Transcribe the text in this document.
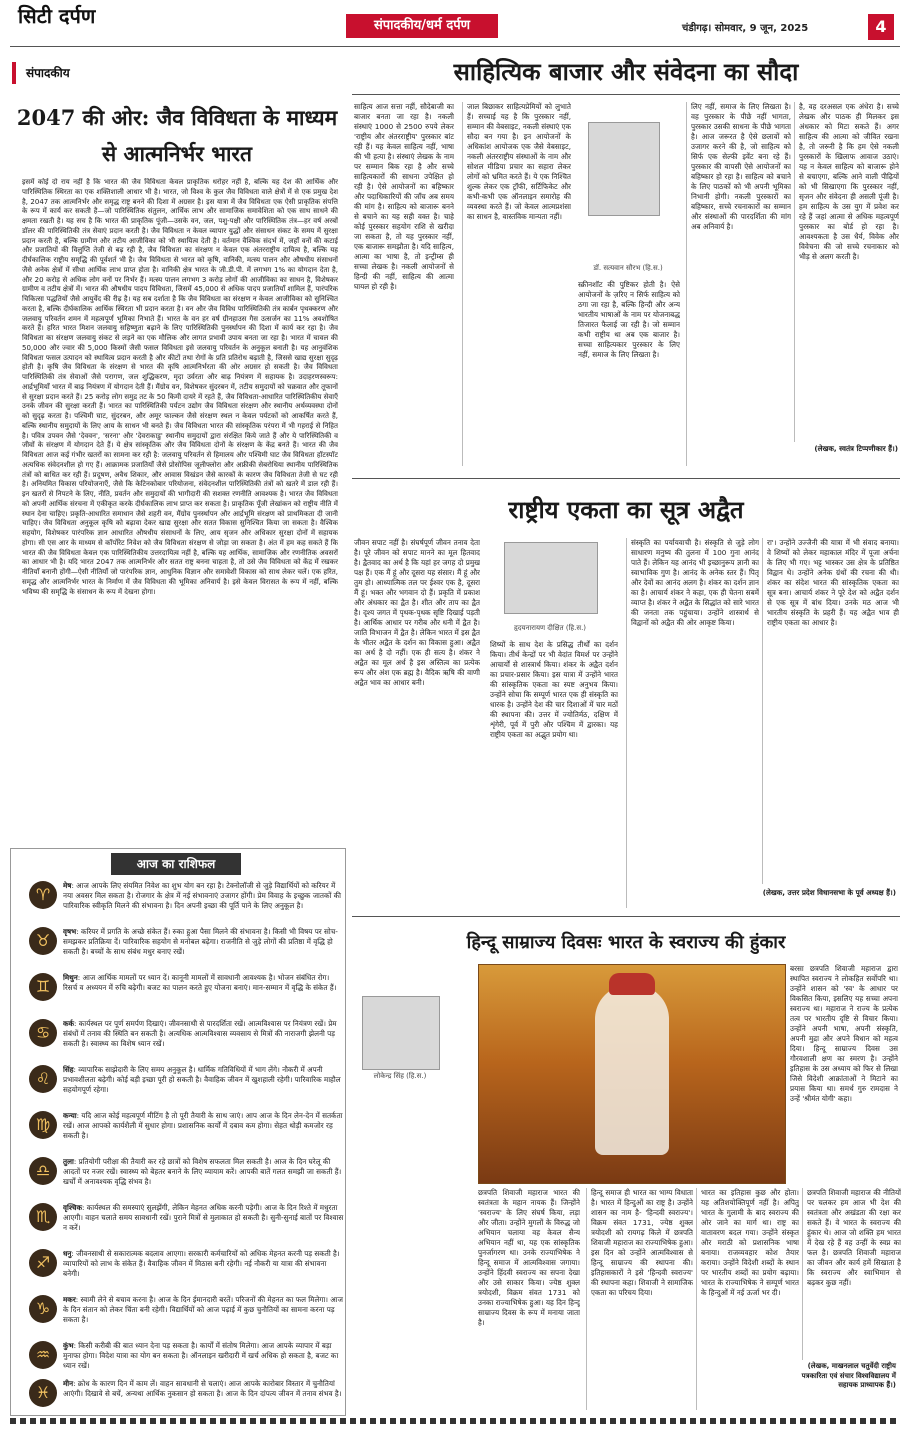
सिटी दर्पण	संपादकीय/धर्म दर्पण	चंडीगढ़। सोमवार, 9 जून, 2025	4
संपादकीय
2047 की ओर: जैव विविधता के माध्यम से आत्मनिर्भर भारत

इसमें कोई दो राय नहीं है कि भारत की जैव विविधता केवल प्राकृतिक धरोहर नहीं है, बल्कि यह देश की आर्थिक और पारिस्थितिक स्थिरता का एक शक्तिशाली आधार भी है। भारत, जो विश्व के कुल जैव विविधता वाले क्षेत्रों में से एक प्रमुख देश है, 2047 तक आत्मनिर्भर और समृद्ध राष्ट्र बनने की दिशा में अग्रसर है। इस यात्रा में जैव विविधता एक ऐसी प्राकृतिक संपत्ति के रूप में कार्य कर सकती है—जो पारिस्थितिक संतुलन, आर्थिक लाभ और सामाजिक समावेशिता को एक साथ साधने की क्षमता रखती है। यह सच है कि भारत की प्राकृतिक पूंजी—उसके वन, जल, पशु-पक्षी और पारिस्थितिक तंत्र—हर वर्ष अरबों डॉलर की पारिस्थितिकी तंत्र सेवाएं प्रदान करती है। जैव विविधता न केवल व्यापार युद्धों और संसाधन संकट के समय में सुरक्षा प्रदान करती है, बल्कि ग्रामीण और तटीय आजीविका को भी स्थायित्व देती है। वर्तमान वैश्विक संदर्भ में, जहाँ वनों की कटाई और प्रजातियों की विलुप्ति तेजी से बढ़ रही है, जैव विविधता का संरक्षण न केवल एक अंतरराष्ट्रीय दायित्व है, बल्कि यह दीर्घकालिक राष्ट्रीय समृद्धि की पूर्वशर्त भी है। जैव विविधता से भारत को कृषि, वानिकी, मत्स्य पालन और औषधीय संसाधनों जैसे अनेक क्षेत्रों में सीधा आर्थिक लाभ प्राप्त होता है। वानिकी क्षेत्र भारत के जी.डी.पी. में लगभग 1% का योगदान देता है, और 20 करोड़ से अधिक लोग वनों पर निर्भर हैं। मत्स्य पालन लगभग 3 करोड़ लोगों की आजीविका का साधन है, विशेषकर ग्रामीण व तटीय क्षेत्रों में। भारत की औषधीय पादप विविधता, जिसमें 45,000 से अधिक पादप प्रजातियाँ शामिल हैं, पारंपरिक चिकित्सा पद्धतियों जैसे आयुर्वेद की रीढ़ है। यह सब दर्शाता है कि जैव विविधता का संरक्षण न केवल आजीविका को सुनिश्चित करता है, बल्कि दीर्घकालिक आर्थिक स्थिरता भी प्रदान करता है। वन और जैव विविध पारिस्थितिकी तंत्र कार्बन पृथक्करण और जलवायु परिवर्तन शमन में महत्वपूर्ण भूमिका निभाते हैं। भारत के वन हर वर्ष ग्रीनहाउस गैस उत्सर्जन का 11% अवशोषित करते हैं। हरित भारत मिशन जलवायु सहिष्णुता बढ़ाने के लिए पारिस्थितिकी पुनर्स्थापन की दिशा में कार्य कर रहा है। जैव विविधता का संरक्षण जलवायु संकट से लड़ने का एक मौलिक और लागत प्रभावी उपाय बनता जा रहा है। भारत में चावल की 50,000 और ज्वार की 5,000 किस्मों जैसी फसल विविधता इसे जलवायु परिवर्तन के अनुकूल बनाती है। यह आनुवंशिक विविधता फसल उत्पादन को स्थायित्व प्रदान करती है और कीटों तथा रोगों के प्रति प्रतिरोध बढ़ाती है, जिससे खाद्य सुरक्षा सुदृढ़ होती है। कृषि जैव विविधता के संरक्षण से भारत की कृषि आत्मनिर्भरता की ओर अग्रसर हो सकती है। जैव विविधता पारिस्थितिकी तंत्र सेवाओं जैसे परागण, जल शुद्धिकरण, मृदा उर्वरता और बाढ़ नियंत्रण में सहायक है। उदाहरणस्वरूप: आर्द्रभूमियाँ भारत में बाढ़ नियंत्रण में योगदान देती हैं। मैंग्रोव वन, विशेषकर सुंदरबन में, तटीय समुदायों को चक्रवात और तूफानों से सुरक्षा प्रदान करते हैं। 25 करोड़ लोग समुद्र तट के 50 किमी दायरे में रहते हैं, जैव विविधता-आधारित पारिस्थितिकीय सेवाएँ उनके जीवन की सुरक्षा करती हैं। भारत का पारिस्थितिकी पर्यटन उद्योग जैव विविधता संरक्षण और स्थानीय अर्थव्यवस्था दोनों को सुदृढ़ करता है। पश्चिमी घाट, सुंदरबन, और अमूर फाल्कन जैसे संरक्षण स्थल न केवल पर्यटकों को आकर्षित करते हैं, बल्कि स्थानीय समुदायों के लिए आय के साधन भी बनते हैं। जैव विविधता भारत की सांस्कृतिक परंपरा में भी गहराई से निहित है। पवित्र उपवन जैसे 'देववन', 'सरना' और 'देवराकाडु' स्थानीय समुदायों द्वारा संरक्षित किये जाते हैं और ये पारिस्थितिकी व जीवों के संरक्षण में योगदान देते हैं। ये क्षेत्र सांस्कृतिक और जैव विविधता दोनों के संरक्षण के केंद्र बनते हैं। भारत की जैव विविधता आज कई गंभीर खतरों का सामना कर रही है: जलवायु परिवर्तन से हिमालय और पश्चिमी घाट जैव विविधता हॉटस्पॉट अत्यधिक संवेदनशील हो गए हैं। आक्रामक प्रजातियाँ जैसे प्रोसोपिस जूलीफ्लोरा और अफ्रीकी सेबरोधिया स्थानीय पारिस्थितिक तंत्रों को बाधित कर रही हैं। प्रदूषण, अवैध शिकार, और आवास विखंडन जैसे कारकों के कारण जैव विविधता तेजी से घट रही है। अनियमित विकास परियोजनाएँ, जैसे कि केटिनकोबार परियोजना, संवेदनशील पारिस्थितिकी तंत्रों को खतरे में डाल रही हैं। इन खतरों से निपटने के लिए, नीति, प्रवर्तन और समुदायों की भागीदारी की सशक्त रणनीति आवश्यक है। भारत जैव विविधता को अपनी आर्थिक संरचना में एकीकृत करके दीर्घकालिक लाभ प्राप्त कर सकता है। प्राकृतिक पूँजी लेखांकन को राष्ट्रीय नीति में स्थान देना चाहिए। प्रकृति-आधारित समाधान जैसे शहरी वन, मैंग्रोव पुनर्स्थापन और आर्द्रभूमि संरक्षण को प्राथमिकता दी जानी चाहिए। जैव विविधता अनुकूल कृषि को बढ़ावा देकर खाद्य सुरक्षा और सतत विकास सुनिश्चित किया जा सकता है। वैश्विक सहयोग, विशेषकर पारंपरिक ज्ञान आधारित औषधीय संसाधनों के लिए, आय सृजन और अधिकार सुरक्षा दोनों में सहायक होगा। सी एस आर के माध्यम से कॉर्पोरेट निवेश को जैव विविधता संरक्षण से जोड़ा जा सकता है। अंत में हम कह सकते हैं कि भारत की जैव विविधता केवल एक पारिस्थितिकीय उत्तरदायित्व नहीं है, बल्कि यह आर्थिक, सामाजिक और रणनीतिक अवसरों का आधार भी है। यदि भारत 2047 तक आत्मनिर्भर और सतत राष्ट्र बनना चाहता है, तो उसे जैव विविधता को केंद्र में रखकर नीतियाँ बनानी होंगी—ऐसी नीतियाँ जो पारंपरिक ज्ञान, आधुनिक विज्ञान और समावेशी विकास को साथ लेकर चलें। एक हरित, समृद्ध और आत्मनिर्भर भारत के निर्माण में जैव विविधता की भूमिका अनिवार्य है। इसे केवल विरासत के रूप में नहीं, बल्कि भविष्य की समृद्धि के संसाधन के रूप में देखना होगा।

आज का राशिफल
♈	मेष: आज आपके लिए संयमित निवेश का शुभ योग बन रहा है। टेक्नोलॉजी से जुड़े विद्यार्थियों को करियर में नया अवसर मिल सकता है। रोजगार के क्षेत्र में नई संभावनाएं उजागर होंगी। प्रेम विवाह के इच्छुक जातकों की पारिवारिक स्वीकृति मिलने की संभावना है। दिन अपनी इच्छा की पूर्ति पाने के लिए अनुकूल है।
♉	वृषभ: करियर में प्रगति के अच्छे संकेत हैं। रुका हुआ पैसा मिलने की संभावना है। किसी भी विषय पर सोच-समझकर प्रतिक्रिया दें। पारिवारिक सहयोग से मनोबल बढ़ेगा। राजनीति से जुड़े लोगों की प्रतिष्ठा में वृद्धि हो सकती है। बच्चों के साथ संबंध मधुर बनाए रखें।
♊	मिथुन: आज आर्थिक मामलों पर ध्यान दें। कानूनी मामलों में सावधानी आवश्यक है। भोजन संबंधित रोग। रिसर्च व अध्ययन में रुचि बढ़ेगी। बजट का पालन करते हुए योजना बनाएं। मान-सम्मान में वृद्धि के संकेत हैं।
♋	कर्क: कार्यस्थल पर पूर्ण समर्पण दिखाएं। जीवनसाथी से पारदर्शिता रखें। आत्मविश्वास पर नियंत्रण रखें। प्रेम संबंधों में तनाव की स्थिति बन सकती है। अत्यधिक आत्मविश्वास व्यवसाय से मित्रों की नाराजगी झेलनी पड़ सकती है। स्वास्थ्य का विशेष ध्यान रखें।
♌	सिंह: व्यापारिक साझेदारी के लिए समय अनुकूल है। धार्मिक गतिविधियों में भाग लेंगे। नौकरी में अपनी प्रभावशीलता बढ़ेगी। कोई बड़ी इच्छा पूरी हो सकती है। वैवाहिक जीवन में खुशहाली रहेगी। पारिवारिक माहौल सहयोगपूर्ण रहेगा।
♍	कन्या: यदि आज कोई महत्वपूर्ण मीटिंग है तो पूरी तैयारी के साथ जाएं। आप आज के दिन लेन-देन में सतर्कता रखें। आज आपको कार्यशैली में सुधार होगा। प्रशासनिक कार्यों में दबाव कम होगा। सेहत थोड़ी कमजोर रह सकती है।
♎	तुला: प्रतियोगी परीक्षा की तैयारी कर रहे छात्रों को विशेष सफलता मिल सकती है। आज के दिन घरेलू की आदतों पर नजर रखें। स्वास्थ्य को बेहतर बनाने के लिए व्यायाम करें। आपकी बातें गलत समझी जा सकती हैं। खर्चों में अनावश्यक वृद्धि संभव है।
♏	वृश्चिक: कार्यस्थल की समस्याएं सुलझेंगी, लेकिन मेहनत अधिक करनी पड़ेगी। आज के दिन रिश्ते में मधुरता आएगी। वाहन चलाते समय सावधानी रखें। पुराने मित्रों से मुलाकात हो सकती है। सुनी-सुनाई बातों पर विश्वास न करें।
♐	धनु: जीवनसाथी से सकारात्मक बदलाव आएगा। सरकारी कर्मचारियों को अधिक मेहनत करनी पड़ सकती है। व्यापारियों को लाभ के संकेत हैं। वैवाहिक जीवन में मिठास बनी रहेगी। नई नौकरी या यात्रा की संभावना बनेगी।
♑	मकर: स्वामी लेने से बचाव करना है। आज के दिन ईमानदारी बरतें। परिजनों की मेहनत का फल मिलेगा। आज के दिन संतान को लेकर चिंता बनी रहेगी। विद्यार्थियों को आज पढ़ाई में कुछ चुनौतियों का सामना करना पड़ सकता है।
♒	कुंभ: किसी करीबी की बात ध्यान देना पड़ सकता है। कार्यों में संतोष मिलेगा। आज आपके व्यापार में बड़ा मुनाफा होगा। विदेश यात्रा का योग बन सकता है। ऑनलाइन खरीदारी में खर्च अधिक हो सकता है, बजट का ध्यान रखें।
♓	मीन: क्रोध के कारण दिन में काम लें। वाहन सावधानी से चलाएं। आज आपके कारोबार विस्तार में चुनौतियां आएंगी। दिखावे से बचें, अन्यथा आर्थिक नुकसान हो सकता है। आज के दिन दांपत्य जीवन में तनाव संभव है।
साहित्यिक बाजार और संवेदना का सौदा

साहित्य आज सत्ता नहीं, सौदेबाजी का बाजार बनता जा रहा है। नकली संस्थाएं 1000 से 2500 रुपये लेकर 'राष्ट्रीय और अंतरराष्ट्रीय' पुरस्कार बांट रही हैं। यह केवल साहित्य नहीं, भाषा की भी हत्या है। संस्थाएं लेखक के नाम पर सम्मान बिक रहा है और सच्चे साहित्यकारों की साधना उपेक्षित हो रही है। ऐसे आयोजनों का बहिष्कार और पदाधिकारियों की जाँच अब समय की मांग है। साहित्य को बाजारू बनने से बचाने का यह सही वक्त है। चाहे कोई पुरस्कार सहयोग राशि से खरीदा जा सकता है, तो यह पुरस्कार नहीं, एक बाजारू समझौता है। यदि साहित्य, आत्मा का भाषा है, तो इन्ट्रीम्स ही सच्चा लेखक है। नकली आयोजनों से हिन्दी की नहीं, साहित्य की आत्मा घायल हो रही है।

जाल बिछाकर साहित्यप्रेमियों को लुभाते हैं। सच्चाई यह है कि पुरस्कार नहीं, सम्मान की वेबसाइट, नकली संस्थाएं एक सौदा बन गया है। इन आयोजनों के अधिकांश आयोजक एक जैसे वेबसाइट, नकली अंतरराष्ट्रीय संस्थाओं के नाम और सोशल मीडिया प्रचार का सहारा लेकर लोगों को भ्रमित करते हैं। ये एक निश्चित शुल्क लेकर एक ट्रॉफी, सर्टिफिकेट और कभी-कभी एक ऑनलाइन समारोह की व्यवस्था करते हैं। जो केवल आत्मप्रशंसा का साधन है, वास्तविक मान्यता नहीं।

डॉ. सत्यवान सौरभ (हि.स.)

स्क्रीनशॉट की पुष्टिकर होती है। ऐसे आयोजनों के ज़रिए न सिर्फ साहित्य को ठगा जा रहा है, बल्कि हिन्दी और अन्य भारतीय भाषाओं के नाम पर योजनाबद्ध तिजारत फैलाई जा रही है। जो सम्मान कभी राष्ट्रीय था अब एक बाजार है। सच्चा साहित्यकार पुरस्कार के लिए नहीं, समाज के लिए लिखता है।

लिए नहीं, समाज के लिए लिखता है। वह पुरस्कार के पीछे नहीं भागता, पुरस्कार उसकी साधना के पीछे भागता है। आज जरूरत है ऐसे छलावों को उजागर करने की है, जो साहित्य को सिर्फ एक सेल्फी इवेंट बना रहे हैं। पुरस्कार की वापसी ऐसे आयोजनों का बहिष्कार हो रहा है। साहित्य को बचाने के लिए पाठकों को भी अपनी भूमिका निभानी होगी। नकली पुरस्कारों का बहिष्कार, सच्चे रचनाकारों का सम्मान और संस्थाओं की पारदर्शिता की मांग अब अनिवार्य है।

है, वह दरअसल एक अंधेरा है। सच्चे लेखक और पाठक ही मिलकर इस अंधकार को मिटा सकते हैं। अगर साहित्य की आत्मा को जीवित रखना है, तो जरूरी है कि हम ऐसे नकली पुरस्कारों के खिलाफ आवाज उठाएं। यह न केवल साहित्य को बाजारू होने से बचाएगा, बल्कि आने वाली पीढ़ियों को भी सिखाएगा कि पुरस्कार नहीं, सृजन और संवेदना ही असली पूंजी है। हम साहित्य के उस युग में प्रवेश कर रहे हैं जहां आत्मा से अधिक महत्वपूर्ण पुरस्कार का बोर्ड हो रहा है। आवश्यकता है उस धैर्य, विवेक और विवेचना की जो सच्चे रचनाकार को भीड़ से अलग करती है।

(लेखक, स्वतंत्र टिप्पणीकार हैं।)
राष्ट्रीय एकता का सूत्र अद्वैत

जीवन सपाट नहीं है। संघर्षपूर्ण जीवन तनाव देता है। पूरे जीवन को सपाट मानने का मूल हितवाद है। द्वैतवाद का अर्थ है कि यहां हर जगह दो प्रमुख पक्ष हैं। एक मैं हूं और दूसरा यह संसार। मैं हूं और तुम हो। आध्यात्मिक तल पर ईश्वर एक है, दूसरा मैं हूं। भक्त और भगवान दो हैं। प्रकृति में प्रकाश और अंधकार का द्वैत है। शीत और ताप का द्वैत है। दृश्य जगत में पृथक-पृथक सृष्टि दिखाई पड़ती है। आर्थिक आधार पर गरीब और धनी में द्वैत है। जाति विभाजन में द्वैत है। लेकिन भारत में इस द्वैत के भीतर अद्वैत के दर्शन का विकास हुआ। अद्वैत का अर्थ है दो नहीं। एक ही सत्य है। शंकर ने अद्वैत का मूल अर्थ है इस अस्तित्व का प्रत्येक रूप और अंश एक ब्रह्म है। वैदिक ऋषि की वाणी अद्वैत भाव का आधार बनी।

हृदयनारायण दीक्षित (हि.स.)

शिष्यों के साथ देश के प्रसिद्ध तीर्थों का दर्शन किया। तीर्थ केन्द्रों पर भी वेदांत विमर्श पर उन्होंने आचार्यों से शास्त्रार्थ किया। शंकर के अद्वैत दर्शन का प्रचार-प्रसार किया। इस यात्रा में उन्होंने भारत की सांस्कृतिक एकता का स्पष्ट अनुभव किया। उन्होंने सोचा कि सम्पूर्ण भारत एक ही संस्कृति का धारक है। उन्होंने देश की चार दिशाओं में चार मठों की स्थापना की। उत्तर में ज्योतिर्मठ, दक्षिण में शृंगेरी, पूर्व में पुरी और पश्चिम में द्वारका। यह राष्ट्रीय एकता का अद्भुत प्रयोग था।

संस्कृति का पर्यायवाची है। संस्कृति से जुड़े लोग साधारण मनुष्य की तुलना में 100 गुना आनंद पाते हैं। लेकिन यह आनंद भी इच्छानुरूप ज्ञानी का स्वाभाविक गुण है। आनंद के अनेक स्तर हैं। पितृ और देवों का आनंद अलग है। शंकर का दर्शन ज्ञान का है। आचार्य शंकर ने कहा, एक ही चेतना सबमें व्याप्त है। शंकर ने अद्वैत के सिद्धांत को सारे भारत की जनता तक पहुंचाया। उन्होंने शास्त्रार्थ से विद्वानों को अद्वैत की ओर आकृष्ट किया।

रा'। उन्होंने उज्जैनी की यात्रा में भी संवाद बनाया। वे शिष्यों को लेकर महाकाल मंदिर में पूजा अर्चना के लिए भी गए। भट्ट भास्कर उस क्षेत्र के प्रतिष्ठित विद्वान थे। उन्होंने अनेक ग्रंथों की रचना की थी। शंकर का संदेश भारत की सांस्कृतिक एकता का सूत्र बना। आचार्य शंकर ने पूरे देश को अद्वैत दर्शन से एक सूत्र में बांध दिया। उनके मठ आज भी भारतीय संस्कृति के प्रहरी हैं। यह अद्वैत भाव ही राष्ट्रीय एकता का आधार है।

(लेखक, उत्तर प्रदेश विधानसभा के पूर्व अध्यक्ष हैं।)
हिन्दू साम्राज्य दिवसः भारत के स्वराज्य की हुंकार
लोकेन्द्र सिंह (हि.स.)

बरसा छत्रपति शिवाजी महाराज द्वारा स्थापित स्वराज्य ने लोकहित सर्वोपरि था। उन्होंने शासन को 'स्व' के आधार पर विकसित किया, इसलिए यह सच्चा अपना स्वराज्य था। महाराज ने राज्य के प्रत्येक तत्व पर भारतीय दृष्टि से विचार किया। उन्होंने अपनी भाषा, अपनी संस्कृति, अपनी मुद्रा और अपने विधान को महत्व दिया। हिन्दू साम्राज्य दिवस उस गौरवशाली क्षण का स्मरण है। उन्होंने इतिहास के उस अध्याय को फिर से लिखा जिसे विदेशी आक्रांताओं ने मिटाने का प्रयास किया था। समर्थ गुरु रामदास ने उन्हें 'श्रीमंत योगी' कहा।

छत्रपति शिवाजी महाराज भारत की स्वतंत्रता के महान नायक हैं। जिन्होंने 'स्वराज्य' के लिए संघर्ष किया, लड़ा और जीता। उन्होंने मुगलों के विरुद्ध जो अभियान चलाया वह केवल सैन्य अभियान नहीं था, यह एक सांस्कृतिक पुनर्जागरण था। उनके राज्याभिषेक ने हिन्दू समाज में आत्मविश्वास जगाया। उन्होंने हिंदवी स्वराज्य का सपना देखा और उसे साकार किया। ज्येष्ठ शुक्ल त्रयोदशी, विक्रम संवत 1731 को उनका राज्याभिषेक हुआ। यह दिन हिन्दू साम्राज्य दिवस के रूप में मनाया जाता है।

हिन्दू समाज ही भारत का भाग्य विधाता है। भारत में हिन्दुओं का राष्ट्र है। उन्होंने शासन का नाम है- 'हिन्दवी स्वराज्य'। विक्रम संवत 1731, ज्येष्ठ शुक्ल त्रयोदशी को रायगढ़ किले में छत्रपति शिवाजी महाराज का राज्याभिषेक हुआ। इस दिन को उन्होंने आत्मविश्वास से हिन्दू साम्राज्य की स्थापना की। इतिहासकारों ने इसे 'हिन्दवी स्वराज्य' की स्थापना कहा। शिवाजी ने सामाजिक एकता का परिचय दिया।

भारत का इतिहास कुछ और होता। यह अतिशयोक्तिपूर्ण नहीं है। अपितु भारत के गुलामी के बाद स्वराज्य की ओर जाने का मार्ग था। राष्ट्र का वातावरण बदल गया। उन्होंने संस्कृत और मराठी को प्रशासनिक भाषा बनाया। राजव्यवहार कोश तैयार कराया। उन्होंने विदेशी शब्दों के स्थान पर भारतीय शब्दों का प्रयोग बढ़ाया। भारत के राज्याभिषेक ने सम्पूर्ण भारत के हिन्दुओं में नई ऊर्जा भर दी।

छत्रपति शिवाजी महाराज की नीतियों पर चलकर हम आज भी देश की स्वतंत्रता और अखंडता की रक्षा कर सकते हैं। वे भारत के स्वराज्य की हुंकार थे। आज जो शक्ति हम भारत में देख रहे हैं वह उन्हीं के स्वप्न का फल है। छत्रपति शिवाजी महाराज का जीवन और कार्य हमें सिखाता है कि स्वराज्य और स्वाभिमान से बढ़कर कुछ नहीं।

(लेखक, माखनलाल चतुर्वेदी राष्ट्रीय पत्रकारिता एवं संचार विश्वविद्यालय में सहायक प्राध्यापक हैं।)
